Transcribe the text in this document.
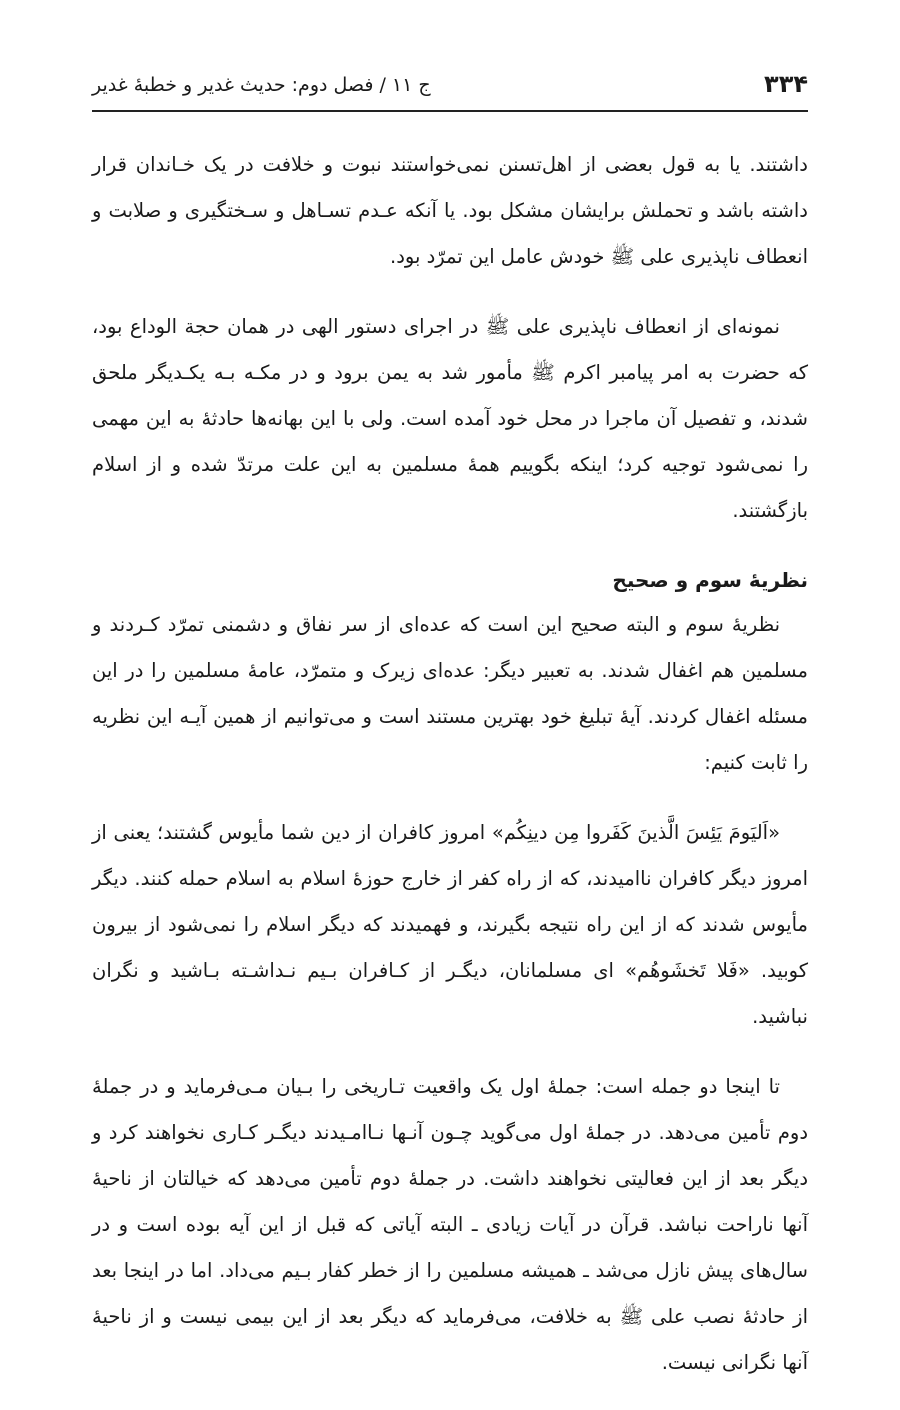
۳۳۴
ج ۱۱ / فصل دوم: حدیث غدیر و خطبهٔ غدیر

داشتند. یا به قول بعضی از اهل‌تسنن نمی‌خواستند نبوت و خلافت در یک خـاندان قرار داشته باشد و تحملش برایشان مشکل بود. یا آنکه عـدم تسـاهل و سـختگیری و صلابت و انعطاف ناپذیری علی ﷺ خودش عامل این تمرّد بود.

نمونه‌ای از انعطاف ناپذیری علی ﷺ در اجرای دستور الهی در همان حجة الوداع بود، که حضرت به امر پیامبر اکرم ﷺ مأمور شد به یمن برود و در مکـه بـه یکـدیگر ملحق شدند، و تفصیل آن ماجرا در محل خود آمده است. ولی با این بهانه‌ها حادثهٔ به این مهمی را نمی‌شود توجیه کرد؛ اینکه بگوییم همهٔ مسلمین به این علت مرتدّ شده و از اسلام بازگشتند.

نظریهٔ سوم و صحیح

نظریهٔ سوم و البته صحیح این است که عده‌ای از سر نفاق و دشمنی تمرّد کـردند و مسلمین هم اغفال شدند. به تعبیر دیگر: عده‌ای زیرک و متمرّد، عامهٔ مسلمین را در این مسئله اغفال کردند. آیهٔ تبلیغ خود بهترین مستند است و می‌توانیم از همین آیـه این نظریه را ثابت کنیم:

«اَلیَومَ یَئِسَ الَّذینَ کَفَروا مِن دینِکُم» امروز کافران از دین شما مأیوس گشتند؛ یعنی از امروز دیگر کافران ناامیدند، که از راه کفر از خارج حوزهٔ اسلام به اسلام حمله کنند. دیگر مأیوس شدند که از این راه نتیجه بگیرند، و فهمیدند که دیگر اسلام را نمی‌شود از بیرون کوبید. «فَلا تَخشَوهُم» ای مسلمانان، دیگـر از کـافران بـیم نـداشـته بـاشید و نگران نباشید.

تا اینجا دو جمله است: جملهٔ اول یک واقعیت تـاریخی را بـیان مـی‌فرماید و در جملهٔ دوم تأمین می‌دهد. در جملهٔ اول می‌گوید چـون آنـها نـاامـیدند دیگـر کـاری نخواهند کرد و دیگر بعد از این فعالیتی نخواهند داشت. در جملهٔ دوم تأمین می‌دهد که خیالتان از ناحیهٔ آنها ناراحت نباشد. قرآن در آیات زیادی ـ البته آیاتی که قبل از این آیه بوده است و در سال‌های پیش نازل می‌شد ـ همیشه مسلمین را از خطر کفار بـیم می‌داد. اما در اینجا بعد از حادثهٔ نصب علی ﷺ به خلافت، می‌فرماید که دیگر بعد از این بیمی نیست و از ناحیهٔ آنها نگرانی نیست.
